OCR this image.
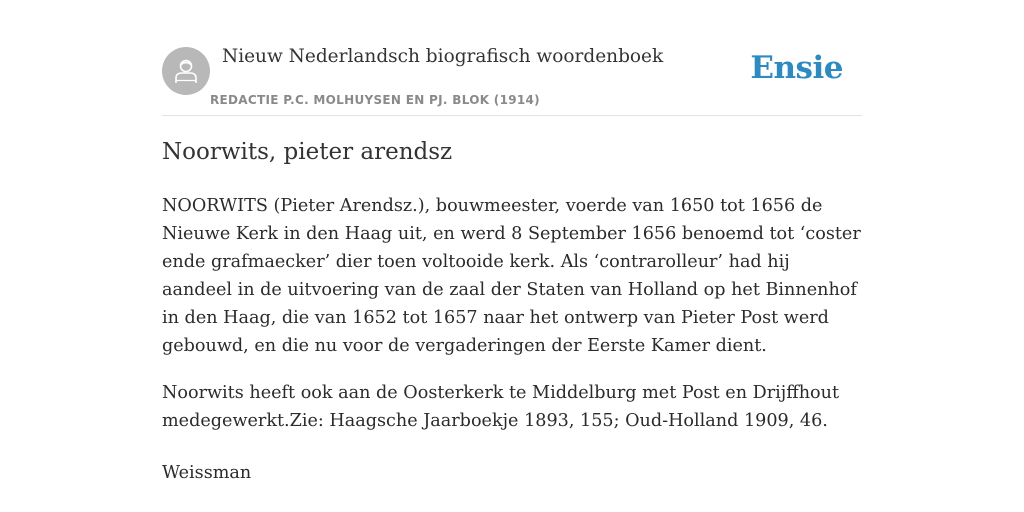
Nieuw Nederlandsch biografisch woordenboek
REDACTIE P.C. MOLHUYSEN EN PJ. BLOK (1914)
Ensie
Noorwits, pieter arendsz

NOORWITS (Pieter Arendsz.), bouwmeester, voerde van 1650 tot 1656 de Nieuwe Kerk in den Haag uit, en werd 8 September 1656 benoemd tot ‘coster ende grafmaecker’ dier toen voltooide kerk. Als ‘contrarolleur’ had hij aandeel in de uitvoering van de zaal der Staten van Holland op het Binnenhof in den Haag, die van 1652 tot 1657 naar het ontwerp van Pieter Post werd gebouwd, en die nu voor de vergaderingen der Eerste Kamer dient.

Noorwits heeft ook aan de Oosterkerk te Middelburg met Post en Drijffhout medegewerkt.Zie: Haagsche Jaarboekje 1893, 155; Oud-Holland 1909, 46.

Weissman
